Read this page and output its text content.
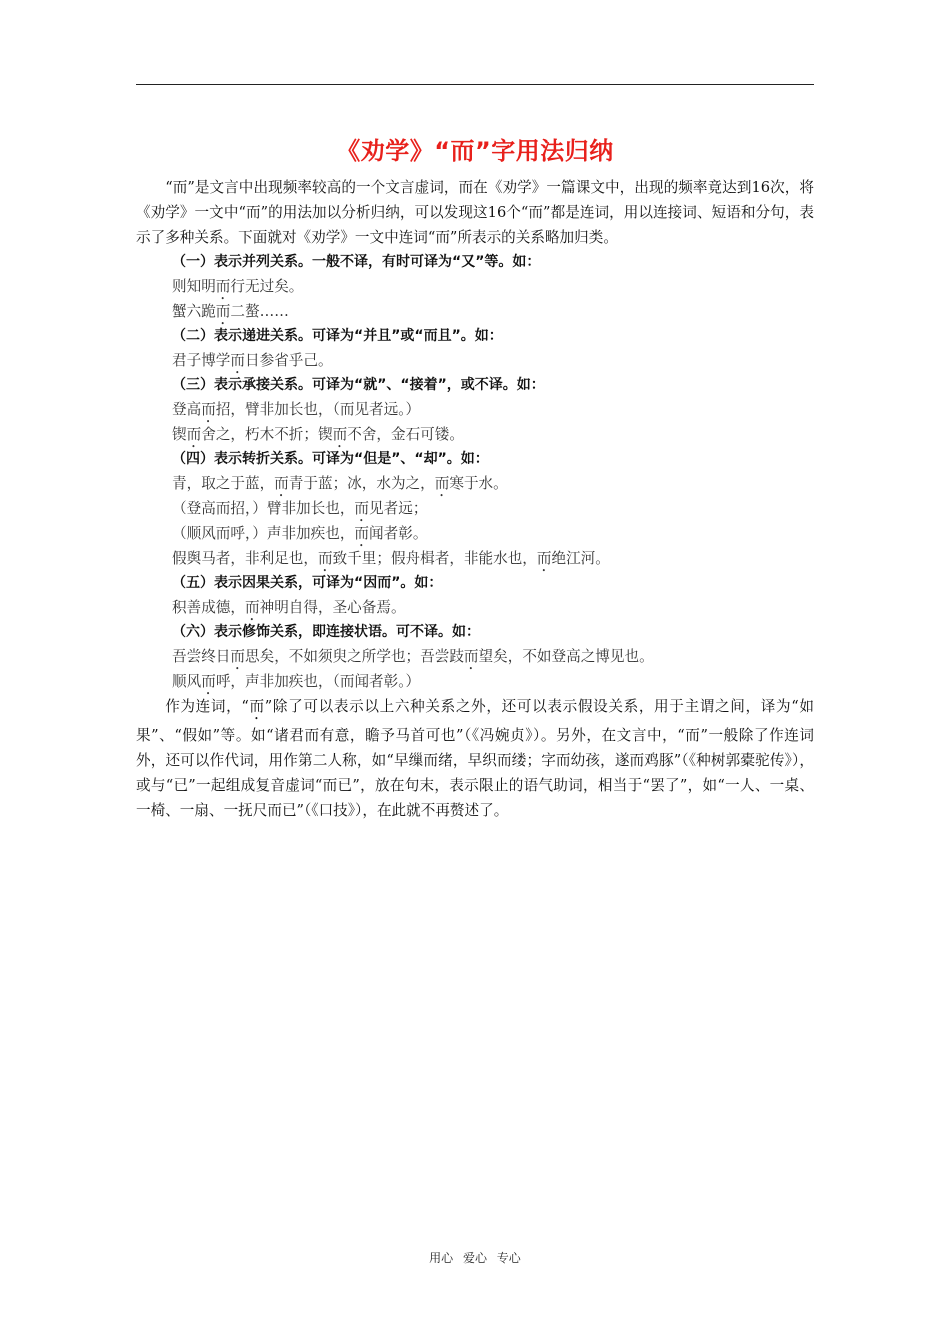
《劝学》“而”字用法归纳

“而”是文言中出现频率较高的一个文言虚词，而在《劝学》一篇课文中，出现的频率竟达到16次，将《劝学》一文中“而”的用法加以分析归纳，可以发现这16个“而”都是连词，用以连接词、短语和分句，表示了多种关系。下面就对《劝学》一文中连词“而”所表示的关系略加归类。

（一）表示并列关系。一般不译，有时可译为“又”等。如：

则知明而行无过矣。

蟹六跪而二螯……

（二）表示递进关系。可译为“并且”或“而且”。如：

君子博学而日参省乎己。

（三）表示承接关系。可译为“就”、“接着”，或不译。如：

登高而招，臂非加长也，（而见者远。）

锲而舍之，朽木不折；锲而不舍，金石可镂。

（四）表示转折关系。可译为“但是”、“却”。如：

青，取之于蓝，而青于蓝；冰，水为之，而寒于水。

（登高而招，）臂非加长也，而见者远；

（顺风而呼，）声非加疾也，而闻者彰。

假舆马者，非利足也，而致千里；假舟楫者，非能水也，而绝江河。

（五）表示因果关系，可译为“因而”。如：

积善成德，而神明自得，圣心备焉。

（六）表示修饰关系，即连接状语。可不译。如：

吾尝终日而思矣，不如须臾之所学也；吾尝跂而望矣，不如登高之博见也。

顺风而呼，声非加疾也，（而闻者彰。）

作为连词，“而”除了可以表示以上六种关系之外，还可以表示假设关系，用于主谓之间，译为“如果”、“假如”等。如“诸君而有意，瞻予马首可也”（《冯婉贞》）。另外，在文言中，“而”一般除了作连词外，还可以作代词，用作第二人称，如“早缫而绪，早织而缕；字而幼孩，遂而鸡豚”（《种树郭橐驼传》），或与“已”一起组成复音虚词“而已”，放在句末，表示限止的语气助词，相当于“罢了”，如“一人、一桌、一椅、一扇、一抚尺而已”（《口技》），在此就不再赘述了。

用心 爱心 专心
